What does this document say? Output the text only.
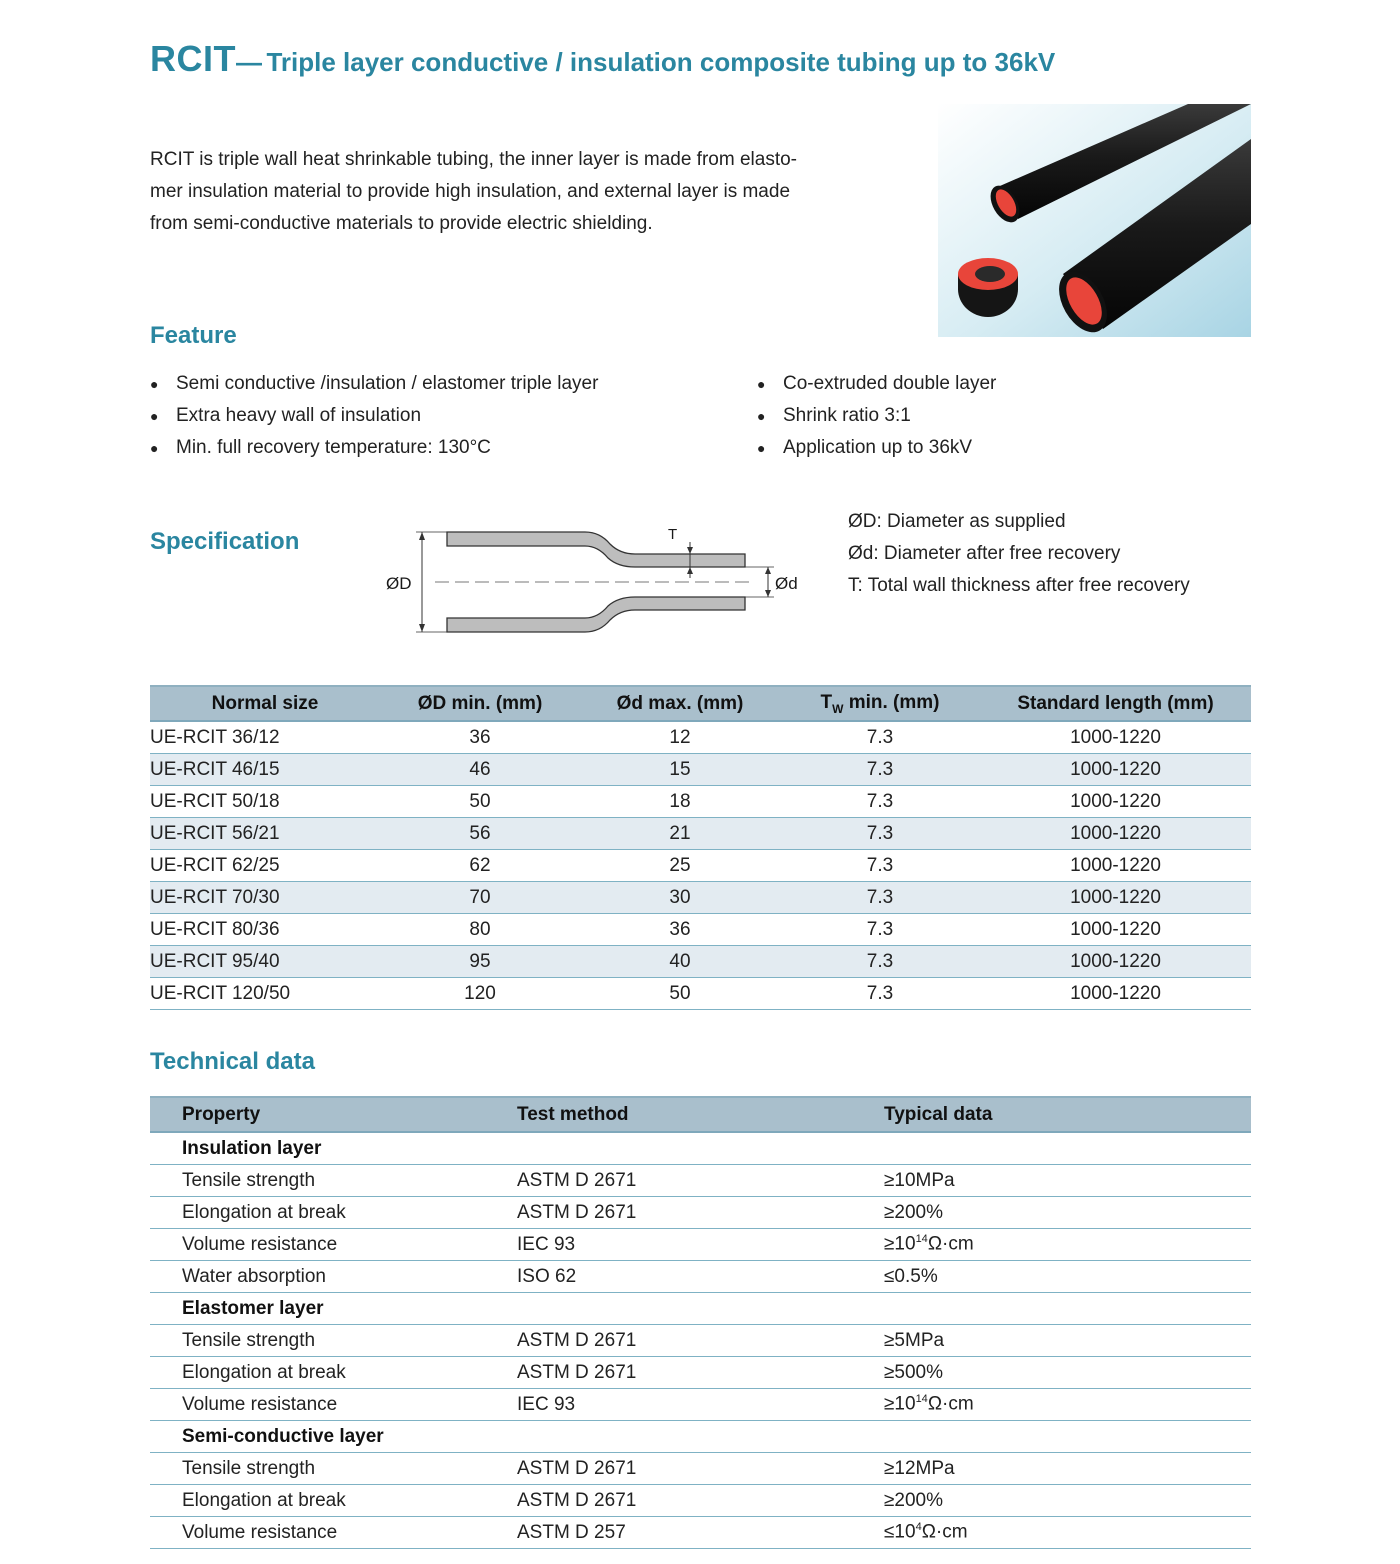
RCIT— Triple layer conductive / insulation composite tubing up to 36kV
RCIT is triple wall heat shrinkable tubing, the inner layer is made from elasto-
mer insulation material to provide high insulation, and external layer is made
from semi-conductive materials to provide electric shielding.
Feature
● Semi conductive /insulation / elastomer triple layer
● Extra heavy wall of insulation
● Min. full recovery temperature: 130°C
● Co-extruded double layer
● Shrink ratio 3:1
● Application up to 36kV
Specification
ØD	Ød
T
ØD: Diameter as supplied
Ød: Diameter after free recovery
T: Total wall thickness after free recovery
Normal size	ØD min. (mm)	Ød max. (mm)	$T_W$ min. (mm)	Standard length (mm)
UE-RCIT 36/12	36	12	7.3	1000-1220
UE-RCIT 46/15	46	15	7.3	1000-1220
UE-RCIT 50/18	50	18	7.3	1000-1220
UE-RCIT 56/21	56	21	7.3	1000-1220
UE-RCIT 62/25	62	25	7.3	1000-1220
UE-RCIT 70/30	70	30	7.3	1000-1220
UE-RCIT 80/36	80	36	7.3	1000-1220
UE-RCIT 95/40	95	40	7.3	1000-1220
UE-RCIT 120/50	120	50	7.3	1000-1220
Technical data
Property	Test method	Typical data
Insulation layer		
Tensile strength	ASTM D 2671	≥10MPa
Elongation at break	ASTM D 2671	≥200%
Volume resistance	IEC 93	$\ge 10^{14}\Omega\cdot cm$
Water absorption	ISO 62	≤0.5%
Elastomer layer		
Tensile strength	ASTM D 2671	≥5MPa
Elongation at break	ASTM D 2671	≥500%
Volume resistance	IEC 93	$\ge 10^{14}\Omega\cdot cm$
Semi-conductive layer		
Tensile strength	ASTM D 2671	≥12MPa
Elongation at break	ASTM D 2671	≥200%
Volume resistance	ASTM D 257	$\le 10^4\Omega\cdot cm$
